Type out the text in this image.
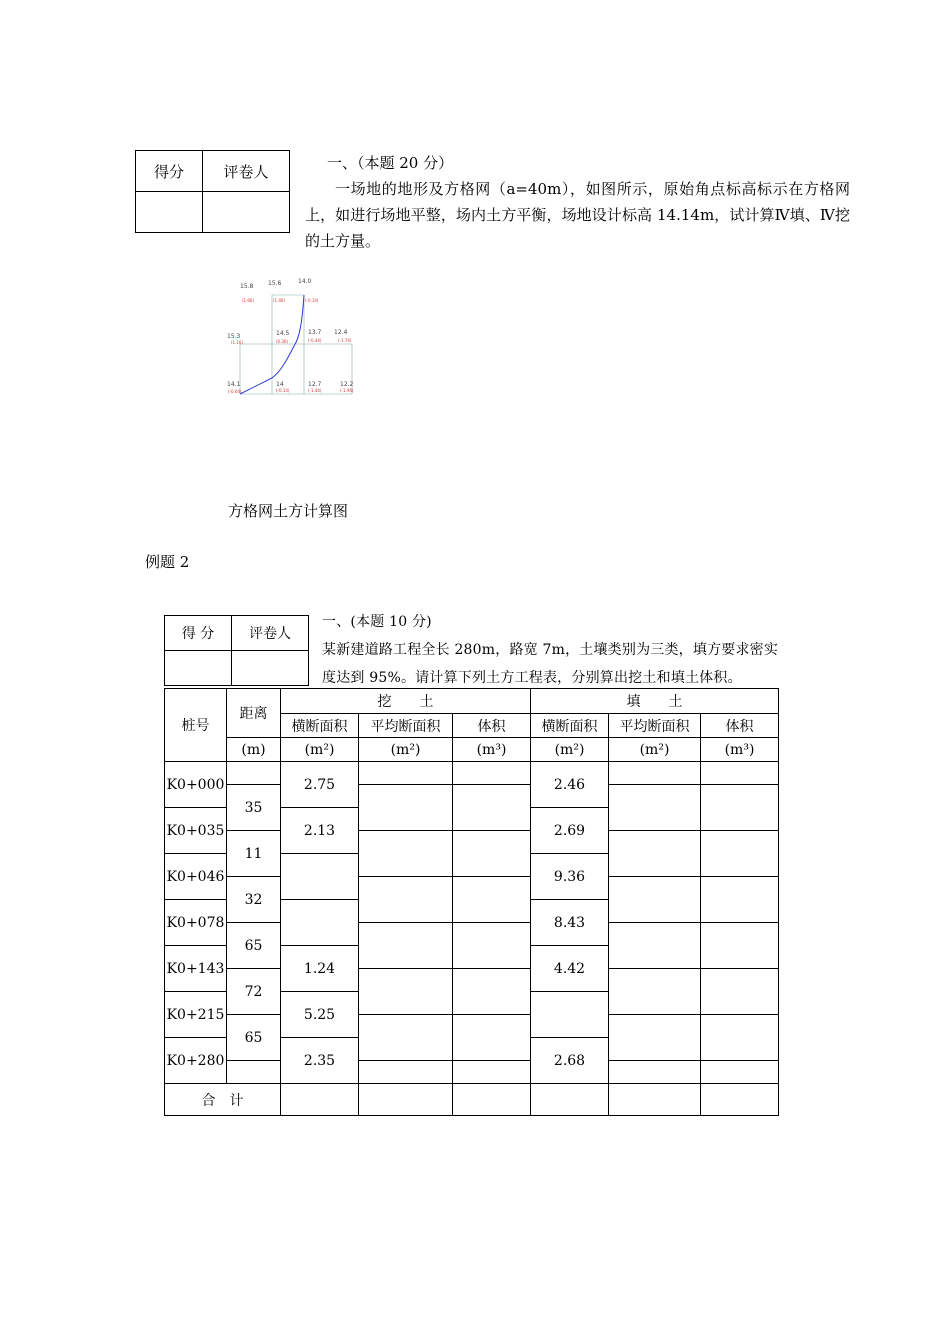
得分	评卷人
		一、（本题 20 分）

一场地的地形及方格网（a=40m），如图所示，原始角点标高标示在方格网上，如进行场地平整，场内土方平衡，场地设计标高 14.14m，试计算Ⅳ填、Ⅳ挖的土方量。

15.8 15.6	14.0
15.3	14.5	13.7 12.4
14.1	14	12.7	12.2
(1.66)	(1.46)	(-0.14)
(1.16)	(0.36)	(-0.44)	(-1.74)
(-0.04)	(-0.14)	(-1.44)	(-1.94)
方格网土方计算图
例题 2
得 分	评卷人

一、(本题 10 分)

某新建道路工程全长 280m，路宽 7m，土壤类别为三类，填方要求密实

度达到 95%。请计算下列土方工程表，分别算出挖土和填土体积。

桩号	距离	挖　　土			填　　土		
		横断面积	平均断面积	体积	横断面积	平均断面积	体积
	(m)	(m²)	(m²)	(m³)	(m²)	(m²)	(m³)
K0+000		2.75			2.46		
	35						
K0+035		2.13			2.69		
	11						
K0+046					9.36		
	32						
K0+078					8.43		
	65						
K0+143		1.24			4.42		
	72						
K0+215		5.25					
	65						
K0+280		2.35			2.68		

合　计							
